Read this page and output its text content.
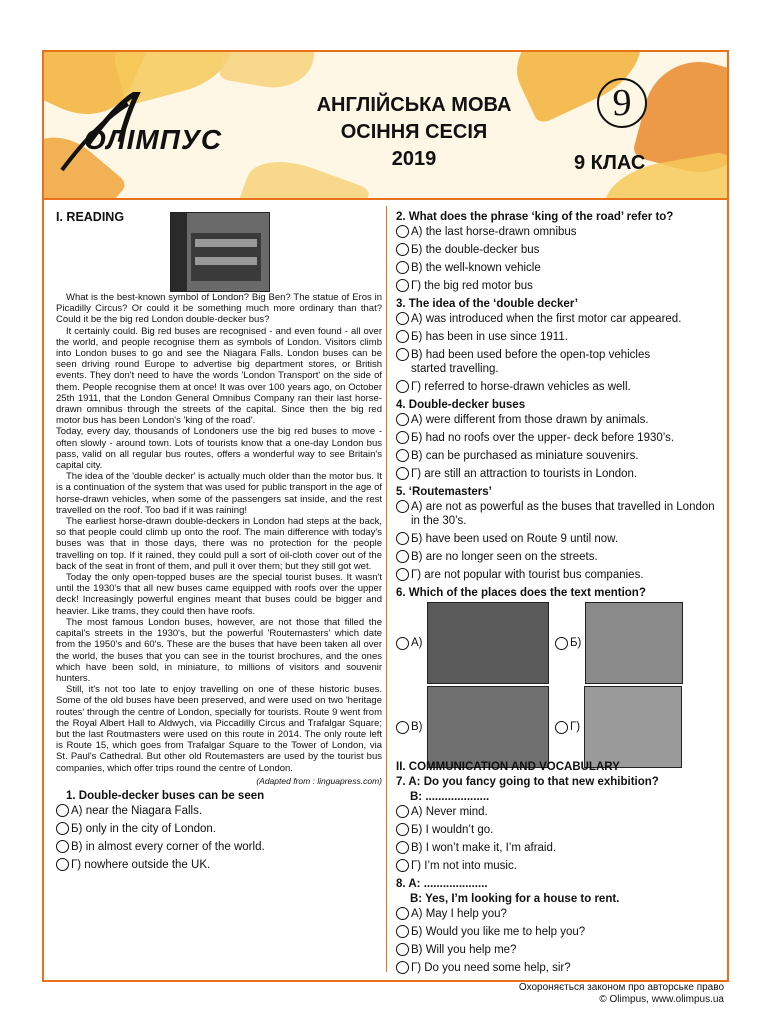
ОЛІМПУС
АНГЛІЙСЬКА МОВА
ОСІННЯ СЕСІЯ
2019
9
9 КЛАС

I. READING

What is the best-known symbol of London? Big Ben? The statue of Eros in Picadilly Circus? Or could it be something much more ordinary than that? Could it be the big red London double-decker bus?

It certainly could. Big red buses are recognised - and even found - all over the world, and people recognise them as symbols of London. Visitors climb into London buses to go and see the Niagara Falls. London buses can be seen driving round Europe to advertise big department stores, or British events. They don't need to have the words 'London Transport' on the side of them. People recognise them at once! It was over 100 years ago, on October 25th 1911, that the London General Omnibus Company ran their last horse-drawn omnibus through the streets of the capital. Since then the big red motor bus has been London's 'king of the road'.

Today, every day, thousands of Londoners use the big red buses to move - often slowly - around town. Lots of tourists know that a one-day London bus pass, valid on all regular bus routes, offers a wonderful way to see Britain's capital city.

The idea of the 'double decker' is actually much older than the motor bus. It is a continuation of the system that was used for public transport in the age of horse-drawn vehicles, when some of the passengers sat inside, and the rest travelled on the roof. Too bad if it was raining!

The earliest horse-drawn double-deckers in London had steps at the back, so that people could climb up onto the roof. The main difference with today's buses was that in those days, there was no protection for the people travelling on top. If it rained, they could pull a sort of oil-cloth cover out of the back of the seat in front of them, and pull it over them; but they still got wet.

Today the only open-topped buses are the special tourist buses. It wasn't until the 1930's that all new buses came equipped with roofs over the upper deck! Increasingly powerful engines meant that buses could be bigger and heavier. Like trams, they could then have roofs.

The most famous London buses, however, are not those that filled the capital's streets in the 1930's, but the powerful 'Routemasters' which date from the 1950's and 60's. These are the buses that have been taken all over the world, the buses that you can see in the tourist brochures, and the ones which have been sold, in miniature, to millions of visitors and souvenir hunters.

Still, it's not too late to enjoy travelling on one of these historic buses. Some of the old buses have been preserved, and were used on two 'heritage routes' through the centre of London, specially for tourists. Route 9 went from the Royal Albert Hall to Aldwych, via Piccadilly Circus and Trafalgar Square; but the last Routmasters were used on this route in 2014. The only route left is Route 15, which goes from Trafalgar Square to the Tower of London, via St. Paul's Cathedral. But other old Routemasters are used by the tourist bus companies, which offer trips round the centre of London.

(Adapted from : linguapress.com)

1. Double-decker buses can be seen

А) near the Niagara Falls.
Б) only in the city of London.
В) in almost every corner of the world.
Г) nowhere outside the UK.

2. What does the phrase ‘king of the road’ refer to?

А) the last horse-drawn omnibus
Б) the double-decker bus
В) the well-known vehicle
Г) the big red motor bus

3. The idea of the ‘double decker’

А) was introduced when the first motor car appeared.
Б) has been in use since 1911.
В) had been used before the open-top vehicles started travelling.
Г) referred to horse-drawn vehicles as well.

4. Double-decker buses

А) were different from those drawn by animals.
Б) had no roofs over the upper- deck before 1930’s.
В) can be purchased as miniature souvenirs.
Г) are still an attraction to tourists in London.

5. ‘Routemasters’

А) are not as powerful as the buses that travelled in London in the 30’s.
Б) have been used on Route 9 until now.
В) are no longer seen on the streets.
Г) are not popular with tourist bus companies.

6. Which of the places does the text mention?

А)	Б)
В)	Г)

II. COMMUNICATION AND VOCABULARY

7. A: Do you fancy going to that new exhibition?

B: ....................

А) Never mind.
Б) I wouldn’t go.
В) I won’t make it, I’m afraid.
Г) I’m not into music.

8. A: ....................

B: Yes, I’m looking for a house to rent.

А) May I help you?
Б) Would you like me to help you?
В) Will you help me?
Г) Do you need some help, sir?
Охороняється законом про авторське право
© Olimpus, www.olimpus.ua
